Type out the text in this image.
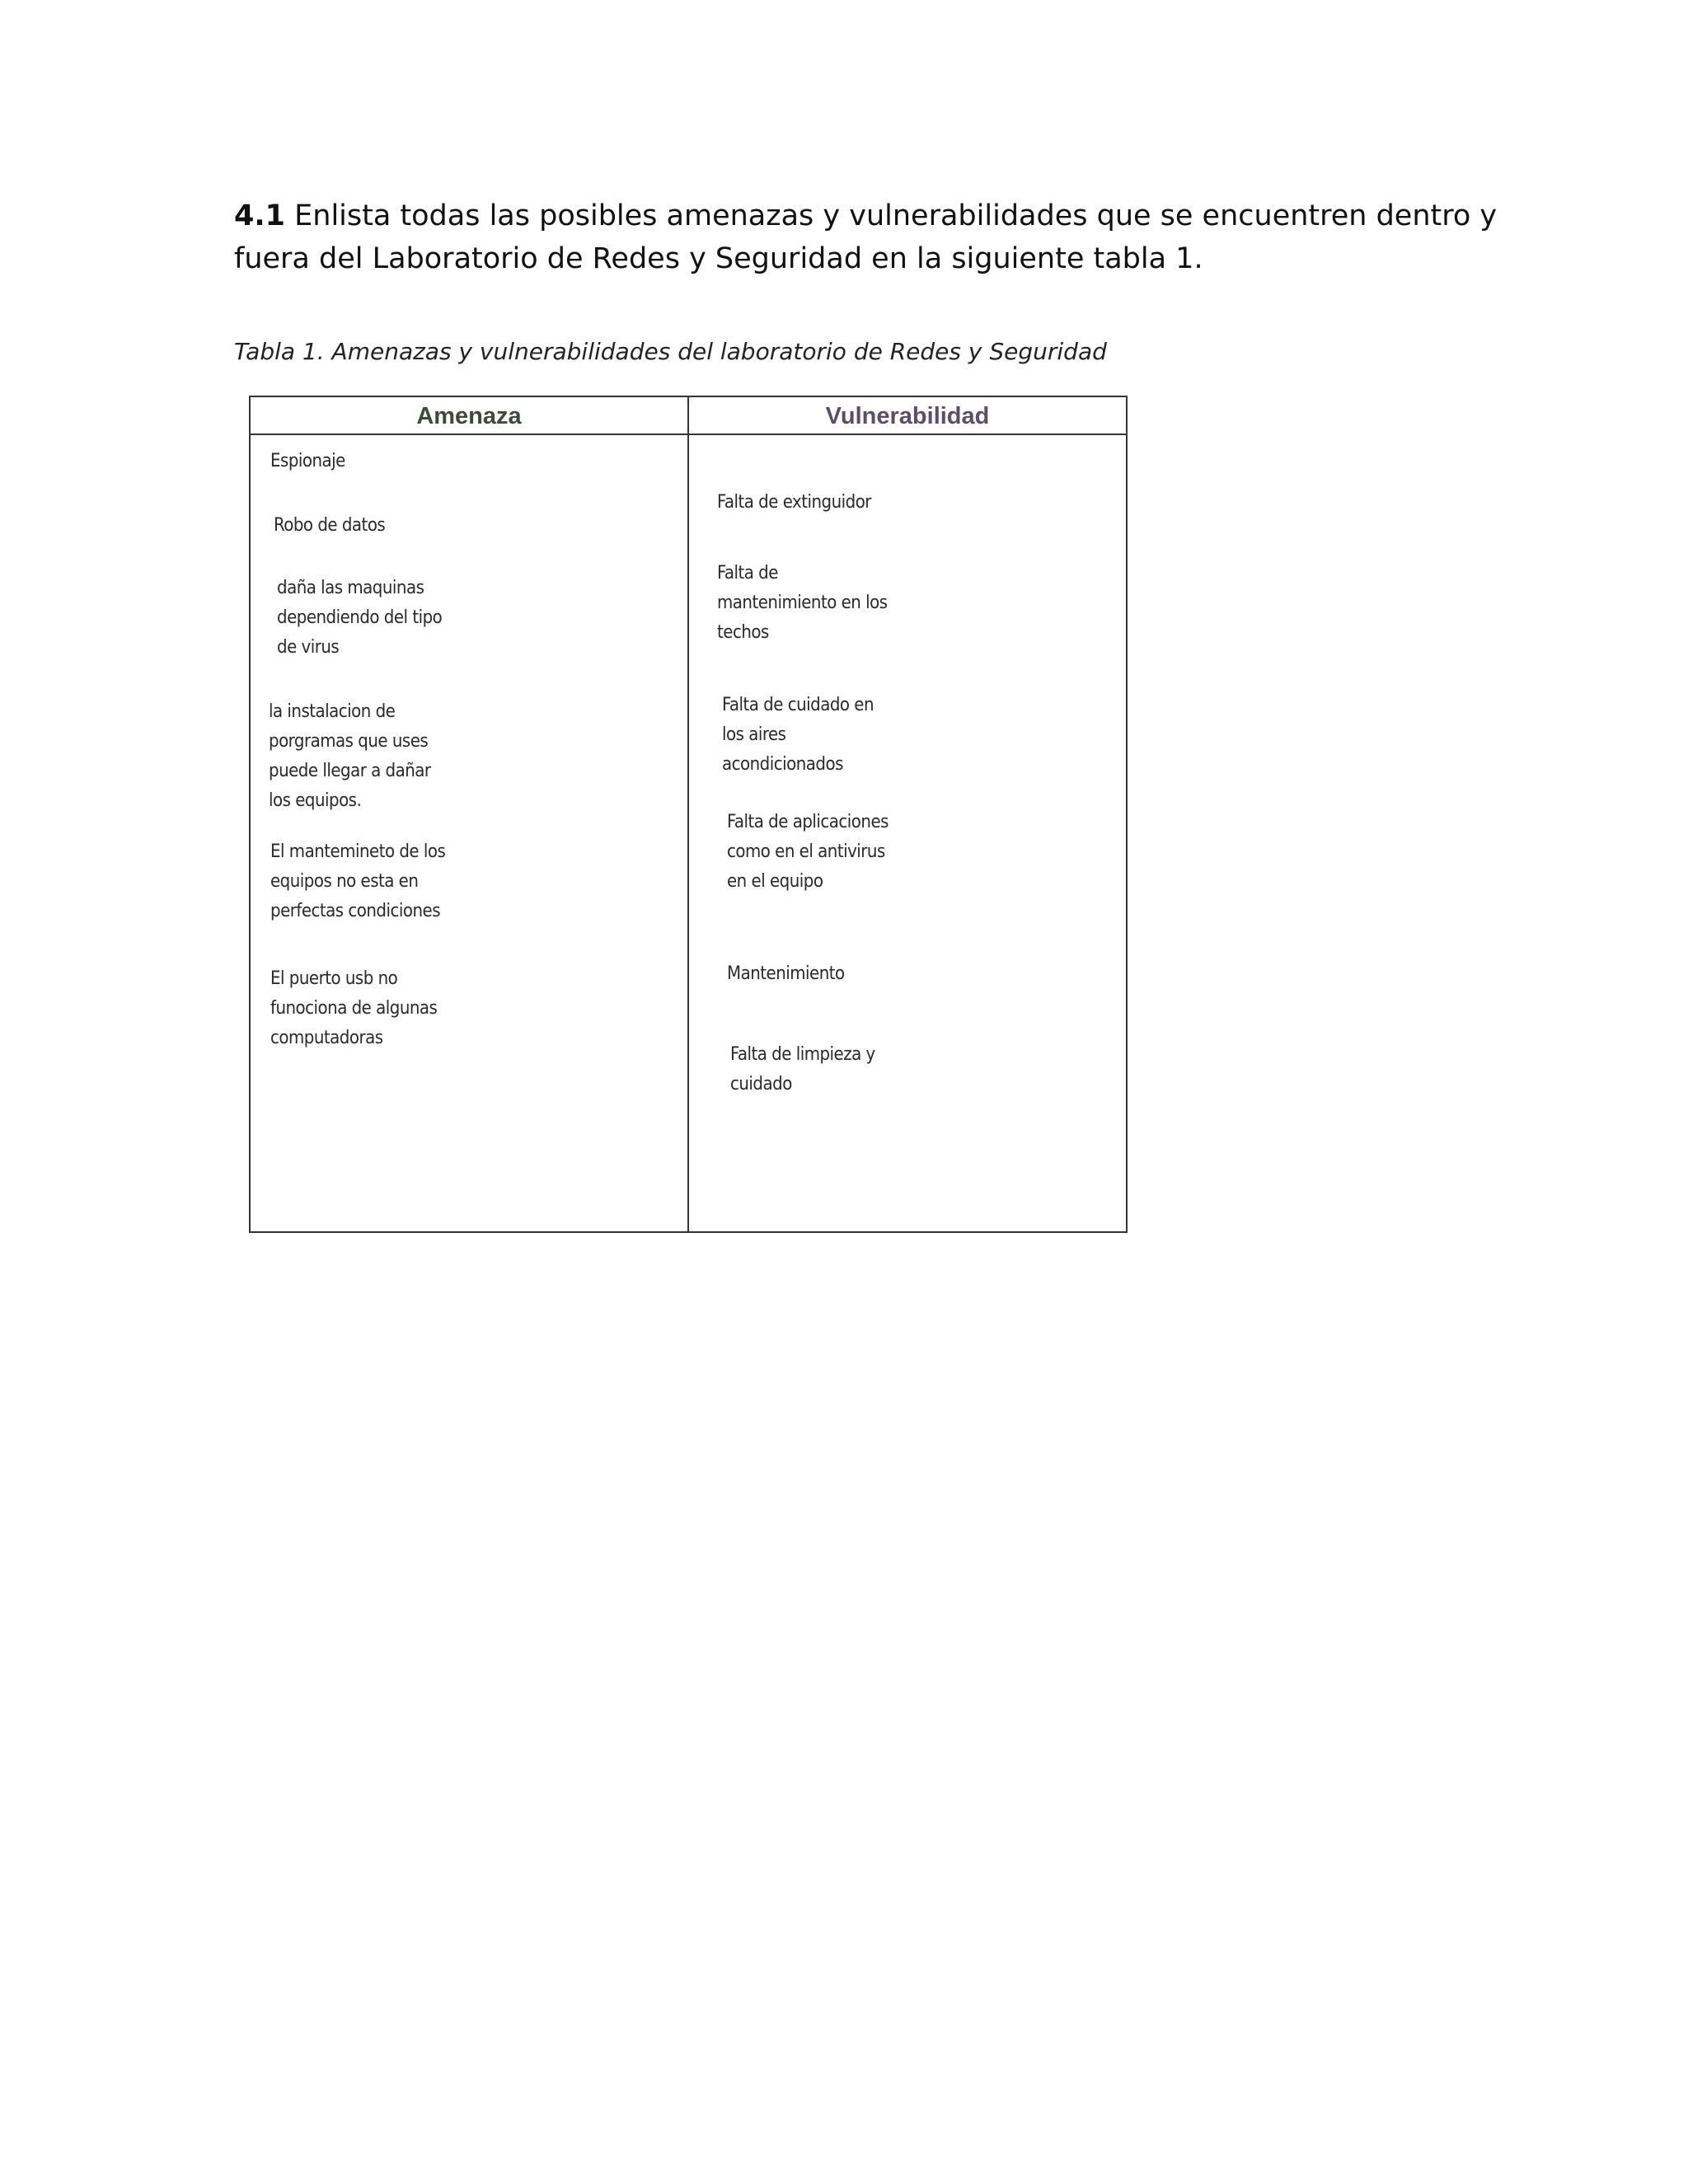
4.1 Enlista todas las posibles amenazas y vulnerabilidades que se encuentren dentro y fuera del Laboratorio de Redes y Seguridad en la siguiente tabla 1.
Tabla 1. Amenazas y vulnerabilidades del laboratorio de Redes y Seguridad
Amenaza	Vulnerabilidad
Espionaje
Robo de datos
daña las maquinas
dependiendo del tipo
de virus
la instalacion de
porgramas que uses
puede llegar a dañar
los equipos.
El mantemineto de los
equipos no esta en
perfectas condiciones
El puerto usb no
funociona de algunas
computadoras
Falta de extinguidor
Falta de
mantenimiento en los
techos
Falta de cuidado en
los aires
acondicionados
Falta de aplicaciones
como en el antivirus
en el equipo
Mantenimiento
Falta de limpieza y
cuidado
